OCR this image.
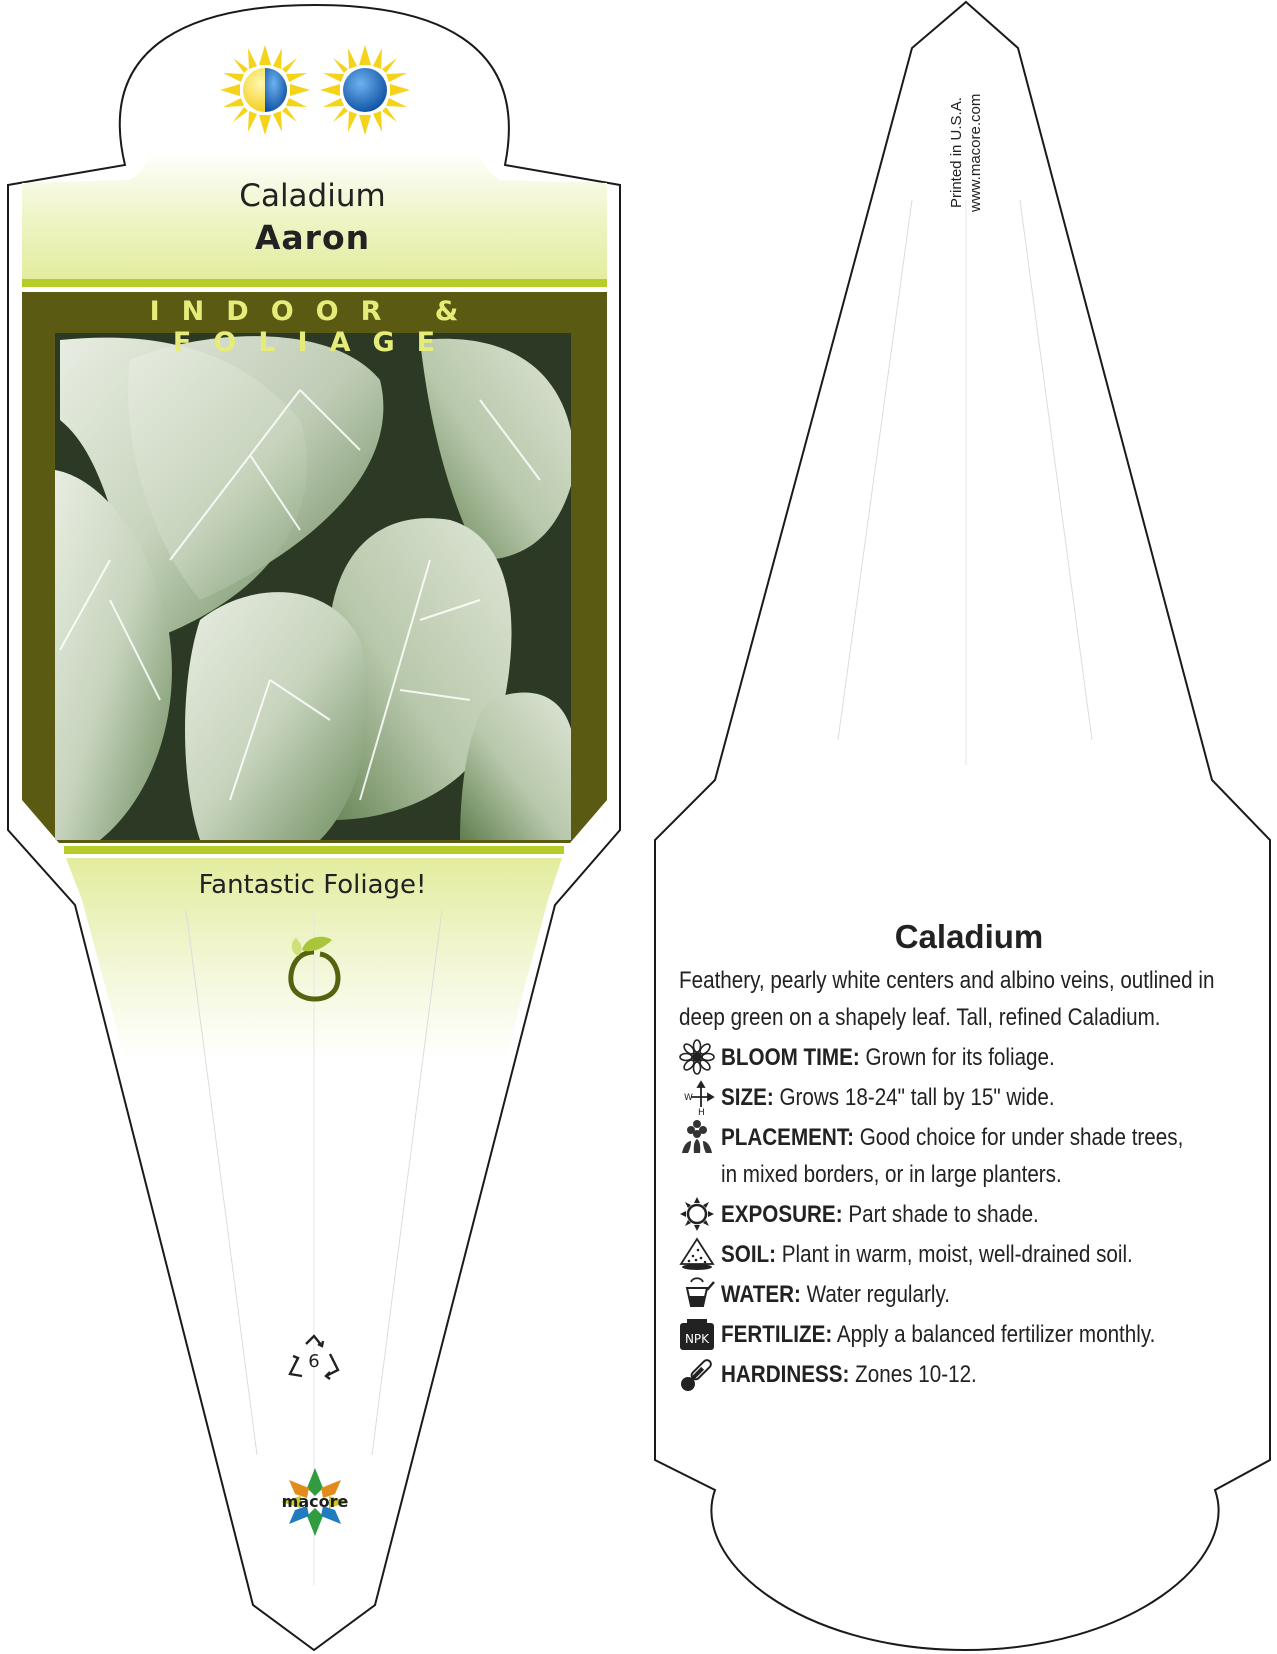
Caladium
Aaron
INDOOR & FOLIAGE
Fantastic Foliage!
6
macore
Printed in U.S.A. www.macore.com
Caladium

Feathery, pearly white centers and albino veins, outlined in deep green on a shapely leaf. Tall, refined Caladium.

BLOOM TIME: Grown for its foliage.
W
H
SIZE: Grows 18-24" tall by 15" wide.
PLACEMENT: Good choice for under shade trees, in mixed borders, or in large planters.
EXPOSURE: Part shade to shade.
SOIL: Plant in warm, moist, well-drained soil.
WATER: Water regularly.
NPK FERTILIZE: Apply a balanced fertilizer monthly.
HARDINESS: Zones 10-12.
